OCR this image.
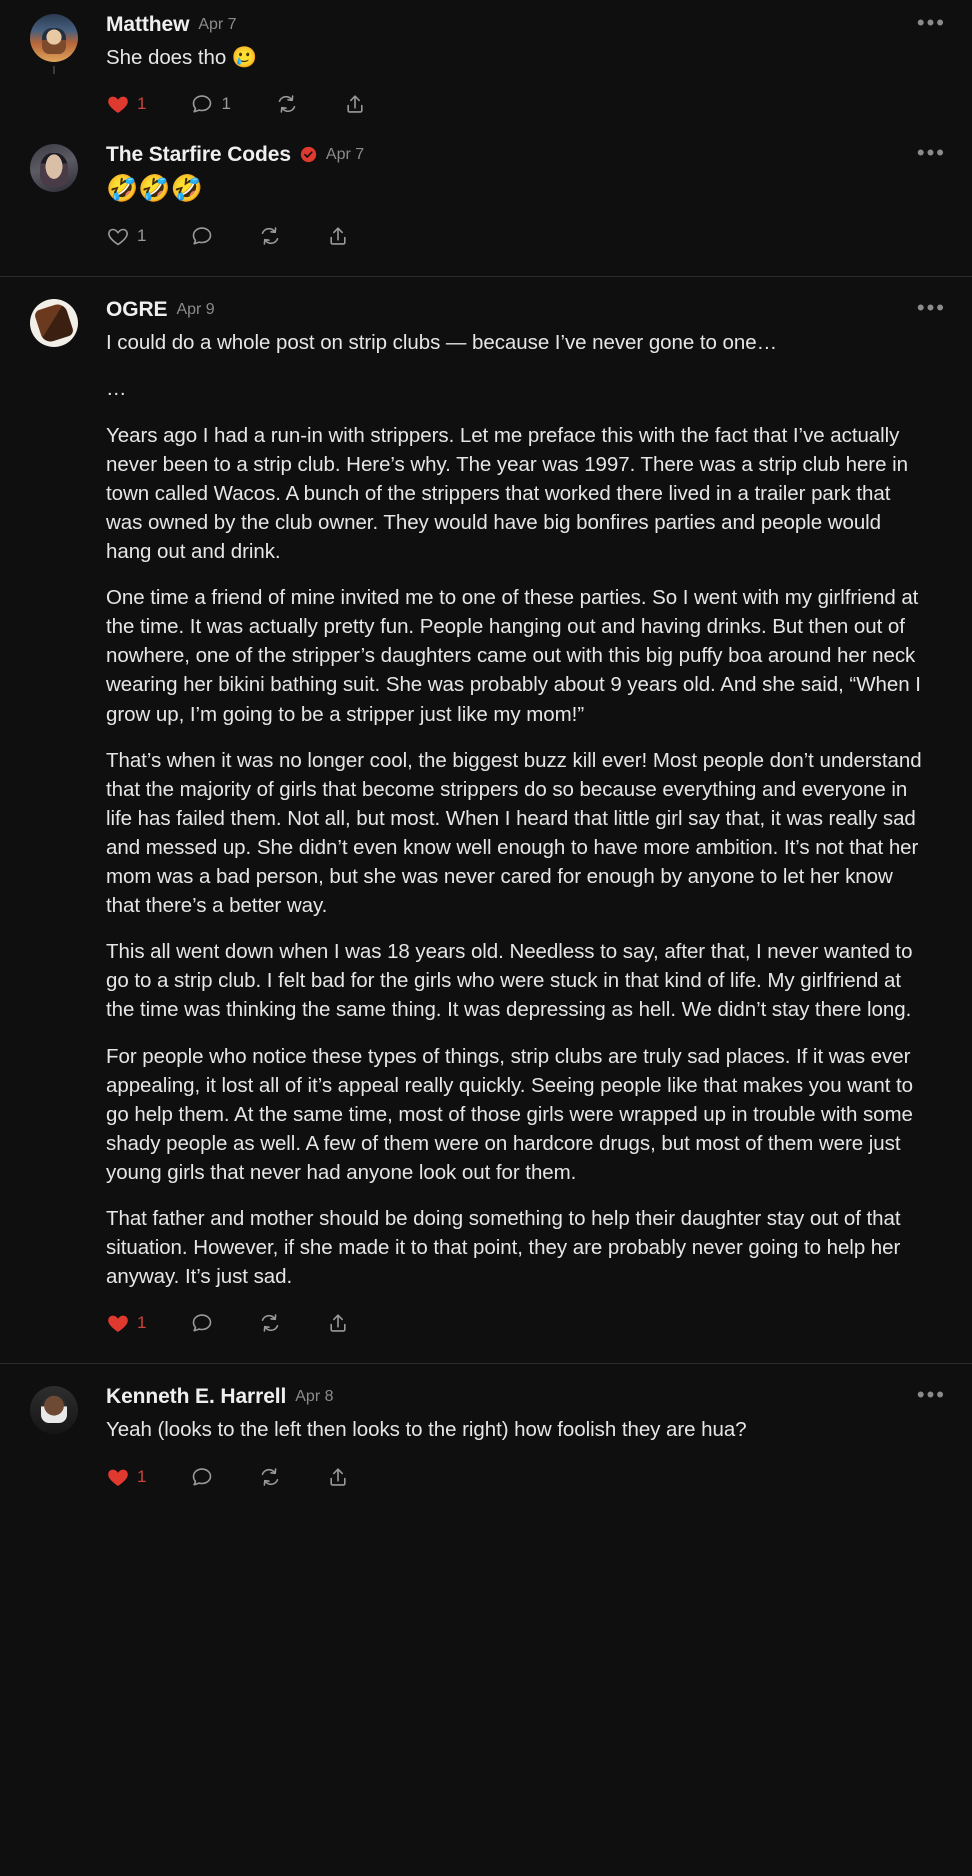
Matthew Apr 7

She does tho 🥲

1	1
•••
The Starfire Codes Apr 7

🤣🤣🤣

1
•••
OGRE Apr 9

I could do a whole post on strip clubs — because I’ve never gone to one…

…

Years ago I had a run-in with strippers. Let me preface this with the fact that I’ve actually never been to a strip club. Here’s why. The year was 1997. There was a strip club here in town called Wacos. A bunch of the strippers that worked there lived in a trailer park that was owned by the club owner. They would have big bonfires parties and people would hang out and drink.

One time a friend of mine invited me to one of these parties. So I went with my girlfriend at the time. It was actually pretty fun. People hanging out and having drinks. But then out of nowhere, one of the stripper’s daughters came out with this big puffy boa around her neck wearing her bikini bathing suit. She was probably about 9 years old. And she said, “When I grow up, I’m going to be a stripper just like my mom!”

That’s when it was no longer cool, the biggest buzz kill ever! Most people don’t understand that the majority of girls that become strippers do so because everything and everyone in life has failed them. Not all, but most. When I heard that little girl say that, it was really sad and messed up. She didn’t even know well enough to have more ambition. It’s not that her mom was a bad person, but she was never cared for enough by anyone to let her know that there’s a better way.

This all went down when I was 18 years old. Needless to say, after that, I never wanted to go to a strip club. I felt bad for the girls who were stuck in that kind of life. My girlfriend at the time was thinking the same thing. It was depressing as hell. We didn’t stay there long.

For people who notice these types of things, strip clubs are truly sad places. If it was ever appealing, it lost all of it’s appeal really quickly. Seeing people like that makes you want to go help them. At the same time, most of those girls were wrapped up in trouble with some shady people as well. A few of them were on hardcore drugs, but most of them were just young girls that never had anyone look out for them.

That father and mother should be doing something to help their daughter stay out of that situation. However, if she made it to that point, they are probably never going to help her anyway. It’s just sad.

1
•••
Kenneth E. Harrell Apr 8

Yeah (looks to the left then looks to the right) how foolish they are hua?

1
•••
